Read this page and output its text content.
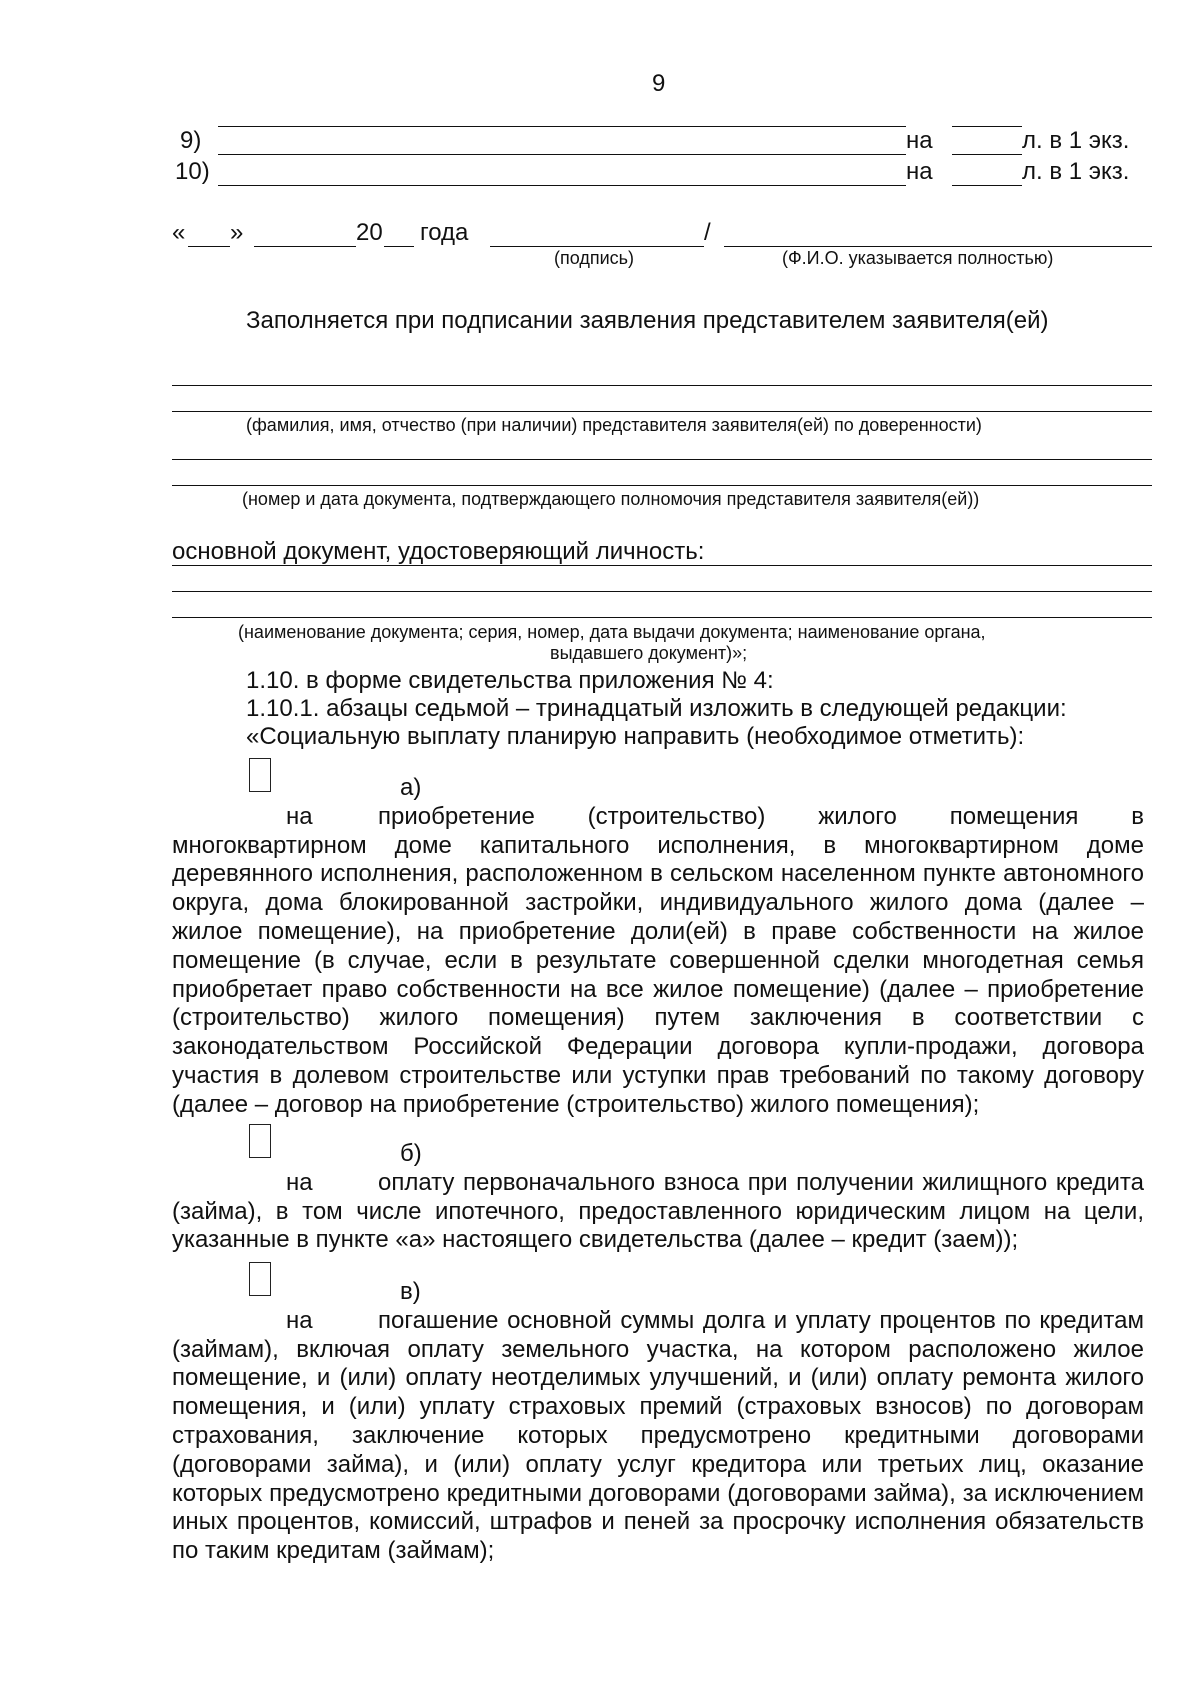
9
9)	на	л. в 1 экз.
10)	на	л. в 1 экз.
« »	20 года	/
(подпись)	(Ф.И.О. указывается полностью)
Заполняется при подписании заявления представителем заявителя(ей)
(фамилия, имя, отчество (при наличии) представителя заявителя(ей) по доверенности)
(номер и дата документа, подтверждающего полномочия представителя заявителя(ей))
основной документ, удостоверяющий личность:
(наименование документа; серия, номер, дата выдачи документа; наименование органа,
выдавшего документ)»;
1.10. в форме свидетельства приложения № 4:
1.10.1. абзацы седьмой – тринадцатый изложить в следующей редакции:
«Социальную выплату планирую направить (необходимое отметить):
а) на	приобретение (строительство) жилого помещения в многоквартирном доме капитального исполнения, в многоквартирном доме деревянного исполнения, расположенном в сельском населенном пункте автономного округа, дома блокированной застройки, индивидуального жилого дома (далее – жилое помещение), на приобретение доли(ей) в праве собственности на жилое помещение (в случае, если в результате совершенной сделки многодетная семья приобретает право собственности на все жилое помещение) (далее – приобретение (строительство) жилого помещения) путем заключения в соответствии с законодательством Российской Федерации договора купли-продажи, договора участия в долевом строительстве или уступки прав требований по такому договору (далее – договор на приобретение (строительство) жилого помещения);
б) на	оплату первоначального взноса при получении жилищного кредита (займа), в том числе ипотечного, предоставленного юридическим лицом на цели, указанные в пункте «а» настоящего свидетельства (далее – кредит (заем));
в) на	погашение основной суммы долга и уплату процентов по кредитам (займам), включая оплату земельного участка, на котором расположено жилое помещение, и (или) оплату неотделимых улучшений, и (или) оплату ремонта жилого помещения, и (или) уплату страховых премий (страховых взносов) по договорам страхования, заключение которых предусмотрено кредитными договорами (договорами займа), и (или) оплату услуг кредитора или третьих лиц, оказание которых предусмотрено кредитными договорами (договорами займа), за исключением иных процентов, комиссий, штрафов и пеней за просрочку исполнения обязательств по таким кредитам (займам);
